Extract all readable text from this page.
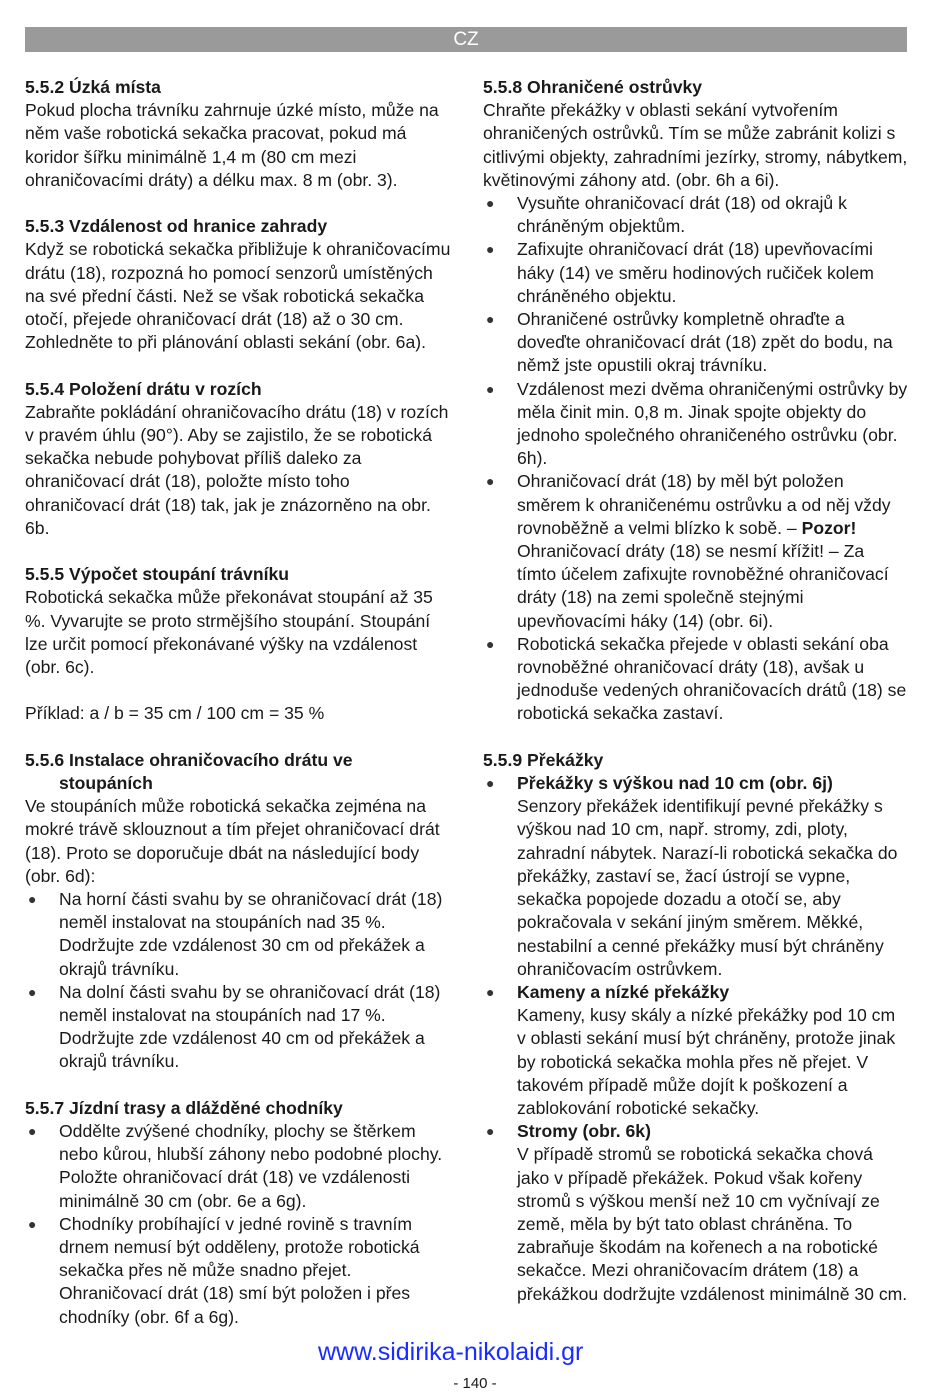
CZ

5.5.2 Úzká místa

Pokud plocha trávníku zahrnuje úzké místo, může na něm vaše robotická sekačka pracovat, pokud má koridor šířku minimálně 1,4 m (80 cm mezi ohraničovacími dráty) a délku max. 8 m (obr. 3).

5.5.3 Vzdálenost od hranice zahrady

Když se robotická sekačka přibližuje k ohraničovacímu drátu (18), rozpozná ho pomocí senzorů umístěných na své přední části. Než se však robotická sekačka otočí, přejede ohraničovací drát (18) až o 30 cm. Zohledněte to při plánování oblasti sekání (obr. 6a).

5.5.4 Položení drátu v rozích

Zabraňte pokládání ohraničovacího drátu (18) v rozích v pravém úhlu (90°). Aby se zajistilo, že se robotická sekačka nebude pohybovat příliš daleko za ohraničovací drát (18), položte místo toho ohraničovací drát (18) tak, jak je znázorněno na obr. 6b.

5.5.5 Výpočet stoupání trávníku

Robotická sekačka může překonávat stoupání až 35 %. Vyvarujte se proto strmějšího stoupání. Stoupání lze určit pomocí překonávané výšky na vzdálenost (obr. 6c).

Příklad: a / b = 35 cm / 100 cm = 35 %

5.5.6 Instalace ohraničovacího drátu ve

stoupáních

Ve stoupáních může robotická sekačka zejména na mokré trávě sklouznout a tím přejet ohraničovací drát (18). Proto se doporučuje dbát na následující body (obr. 6d):

● Na horní části svahu by se ohraničovací drát (18) neměl instalovat na stoupáních nad 35 %. Dodržujte zde vzdálenost 30 cm od překážek a okrajů trávníku.
● Na dolní části svahu by se ohraničovací drát (18) neměl instalovat na stoupáních nad 17 %. Dodržujte zde vzdálenost 40 cm od překážek a okrajů trávníku.

5.5.7 Jízdní trasy a dlážděné chodníky

● Oddělte zvýšené chodníky, plochy se štěrkem nebo kůrou, hlubší záhony nebo podobné plochy. Položte ohraničovací drát (18) ve vzdálenosti minimálně 30 cm (obr. 6e a 6g).
● Chodníky probíhající v jedné rovině s travním drnem nemusí být odděleny, protože robotická sekačka přes ně může snadno přejet. Ohraničovací drát (18) smí být položen i přes chodníky (obr. 6f a 6g).

5.5.8 Ohraničené ostrůvky

Chraňte překážky v oblasti sekání vytvořením ohraničených ostrůvků. Tím se může zabránit kolizi s citlivými objekty, zahradními jezírky, stromy, nábytkem, květinovými záhony atd. (obr. 6h a 6i).

● Vysuňte ohraničovací drát (18) od okrajů k chráněným objektům.
● Zafixujte ohraničovací drát (18) upevňovacími háky (14) ve směru hodinových ručiček kolem chráněného objektu.
● Ohraničené ostrůvky kompletně ohraďte a doveďte ohraničovací drát (18) zpět do bodu, na němž jste opustili okraj trávníku.
● Vzdálenost mezi dvěma ohraničenými ostrůvky by měla činit min. 0,8 m. Jinak spojte objekty do jednoho společného ohraničeného ostrůvku (obr. 6h).
● Ohraničovací drát (18) by měl být položen směrem k ohraničenému ostrůvku a od něj vždy rovnoběžně a velmi blízko k sobě. – Pozor! Ohraničovací dráty (18) se nesmí křížit! – Za tímto účelem zafixujte rovnoběžné ohraničovací dráty (18) na zemi společně stejnými upevňovacími háky (14) (obr. 6i).
● Robotická sekačka přejede v oblasti sekání oba rovnoběžné ohraničovací dráty (18), avšak u jednoduše vedených ohraničovacích drátů (18) se robotická sekačka zastaví.

5.5.9 Překážky

● Překážky s výškou nad 10 cm (obr. 6j)
Senzory překážek identifikují pevné překážky s výškou nad 10 cm, např. stromy, zdi, ploty, zahradní nábytek. Narazí-li robotická sekačka do překážky, zastaví se, žací ústrojí se vypne, sekačka popojede dozadu a otočí se, aby pokračovala v sekání jiným směrem. Měkké, nestabilní a cenné překážky musí být chráněny ohraničovacím ostrůvkem.
● Kameny a nízké překážky
Kameny, kusy skály a nízké překážky pod 10 cm v oblasti sekání musí být chráněny, protože jinak by robotická sekačka mohla přes ně přejet. V takovém případě může dojít k poškození a zablokování robotické sekačky.
● Stromy (obr. 6k)
V případě stromů se robotická sekačka chová jako v případě překážek. Pokud však kořeny stromů s výškou menší než 10 cm vyčnívají ze země, měla by být tato oblast chráněna. To zabraňuje škodám na kořenech a na robotické sekačce. Mezi ohraničovacím drátem (18) a překážkou dodržujte vzdálenost minimálně 30 cm.
www.sidirika-nikolaidi.gr
- 140 -
